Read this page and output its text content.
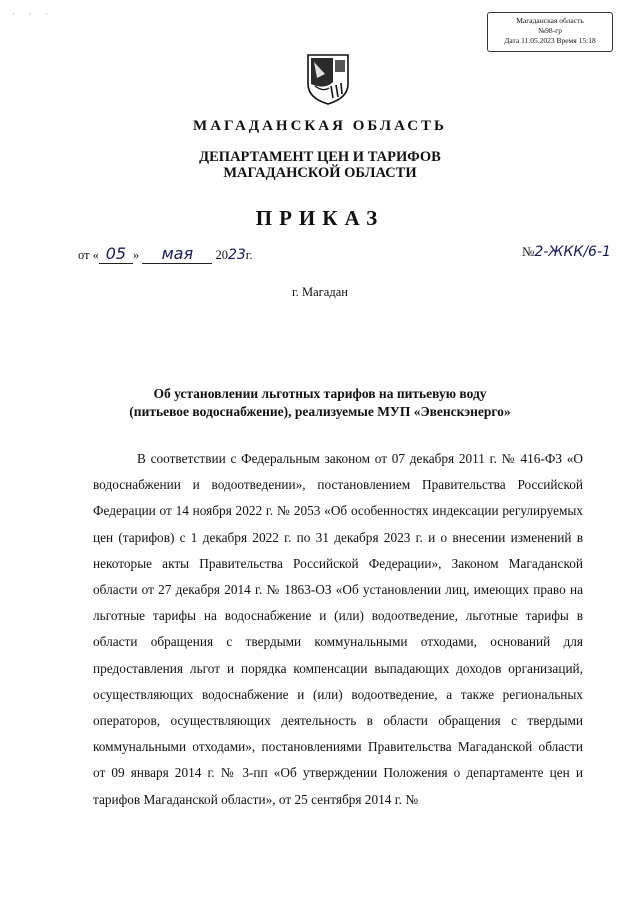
· · ·
Магаданская область
№98-гр
Дата 11.05.2023 Время 15:18
МАГАДАНСКАЯ ОБЛАСТЬ
ДЕПАРТАМЕНТ ЦЕН И ТАРИФОВ
МАГАДАНСКОЙ ОБЛАСТИ
ПРИКАЗ
от « 05 » мая 2023г.	№2-ЖКК/6-1
г. Магадан
Об установлении льготных тарифов на питьевую воду
(питьевое водоснабжение), реализуемые МУП «Эвенскэнерго»

В соответствии с Федеральным законом от 07 декабря 2011 г. № 416-ФЗ «О водоснабжении и водоотведении», постановлением Правительства Российской Федерации от 14 ноября 2022 г. № 2053 «Об особенностях индексации регулируемых цен (тарифов) с 1 декабря 2022 г. по 31 декабря 2023 г. и о внесении изменений в некоторые акты Правительства Российской Федерации», Законом Магаданской области от 27 декабря 2014 г. № 1863-ОЗ «Об установлении лиц, имеющих право на льготные тарифы на водоснабжение и (или) водоотведение, льготные тарифы в области обращения с твердыми коммунальными отходами, оснований для предоставления льгот и порядка компенсации выпадающих доходов организаций, осуществляющих водоснабжение и (или) водоотведение, а также региональных операторов, осуществляющих деятельность в области обращения с твердыми коммунальными отходами», постановлениями Правительства Магаданской области от 09 января 2014 г. № 3-пп «Об утверждении Положения о департаменте цен и тарифов Магаданской области», от 25 сентября 2014 г. №
